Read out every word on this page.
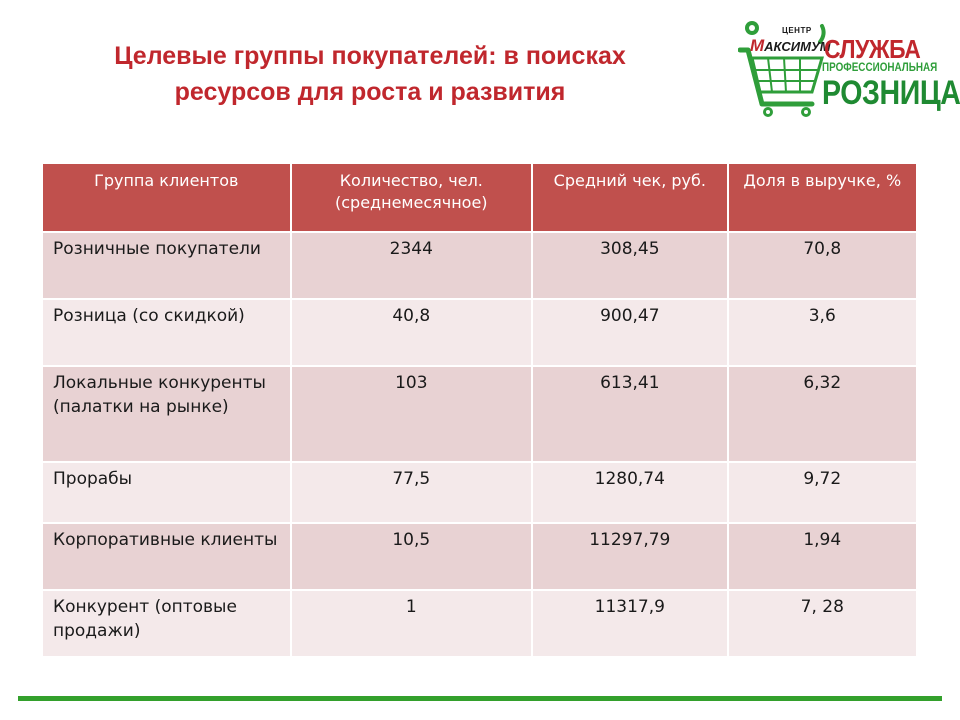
Целевые группы покупателей: в поисках
ресурсов для роста и развития
ЦЕНТР
MАКСИМУМ
СЛУЖБА
ПРОФЕССИОНАЛЬНАЯ
РОЗНИЦА
Группа клиентов	Количество, чел. (среднемесячное)	Средний чек, руб.	Доля в выручке, %
Розничные покупатели	2344	308,45	70,8
Розница (со скидкой)	40,8	900,47	3,6
Локальные конкуренты (палатки на рынке)	103	613,41	6,32
Прорабы	77,5	1280,74	9,72
Корпоративные клиенты	10,5	11297,79	1,94
Конкурент (оптовые продажи)	1	11317,9	7, 28
